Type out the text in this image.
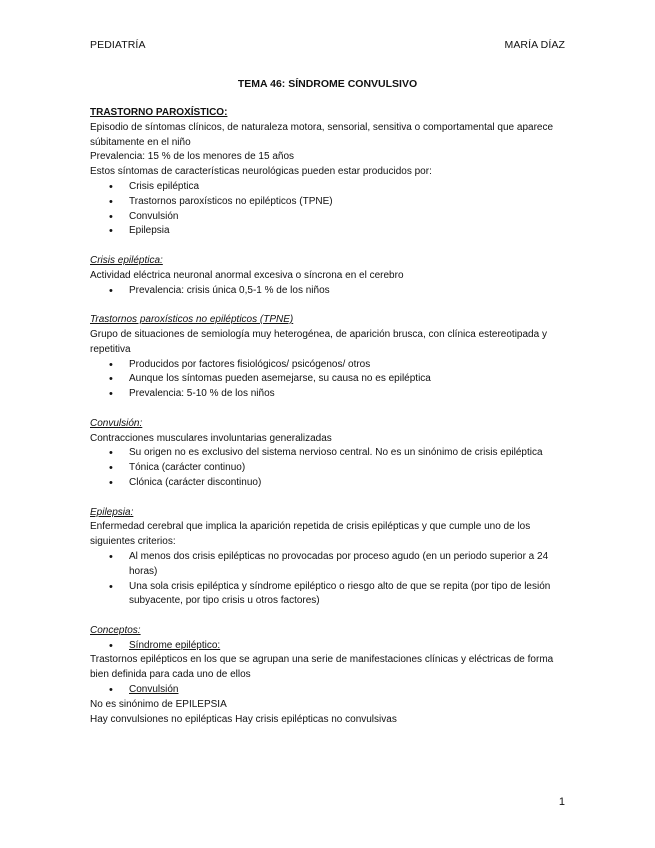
PEDIATRÍA	MARÍA DÍAZ
TEMA 46: SÍNDROME CONVULSIVO
TRASTORNO PAROXÍSTICO:

Episodio de síntomas clínicos, de naturaleza motora, sensorial, sensitiva o comportamental que aparece súbitamente en el niño

Prevalencia: 15 % de los menores de 15 años

Estos síntomas de características neurológicas pueden estar producidos por:

• Crisis epiléptica
• Trastornos paroxísticos no epilépticos (TPNE)
• Convulsión
• Epilepsia
Crisis epiléptica:

Actividad eléctrica neuronal anormal excesiva o síncrona en el cerebro

• Prevalencia: crisis única 0,5-1 % de los niños
Trastornos paroxísticos no epilépticos (TPNE)

Grupo de situaciones de semiología muy heterogénea, de aparición brusca, con clínica estereotipada y repetitiva

• Producidos por factores fisiológicos/ psicógenos/ otros
• Aunque los síntomas pueden asemejarse, su causa no es epiléptica
• Prevalencia: 5-10 % de los niños
Convulsión:

Contracciones musculares involuntarias generalizadas

• Su origen no es exclusivo del sistema nervioso central. No es un sinónimo de crisis epiléptica
• Tónica (carácter continuo)
• Clónica (carácter discontinuo)
Epilepsia:

Enfermedad cerebral que implica la aparición repetida de crisis epilépticas y que cumple uno de los siguientes criterios:

• Al menos dos crisis epilépticas no provocadas por proceso agudo (en un periodo superior a 24 horas)
• Una sola crisis epiléptica y síndrome epiléptico o riesgo alto de que se repita (por tipo de lesión subyacente, por tipo crisis u otros factores)
Conceptos:
• Síndrome epiléptico:

Trastornos epilépticos en los que se agrupan una serie de manifestaciones clínicas y eléctricas de forma bien definida para cada uno de ellos

• Convulsión

No es sinónimo de EPILEPSIA

Hay convulsiones no epilépticas Hay crisis epilépticas no convulsivas

1
